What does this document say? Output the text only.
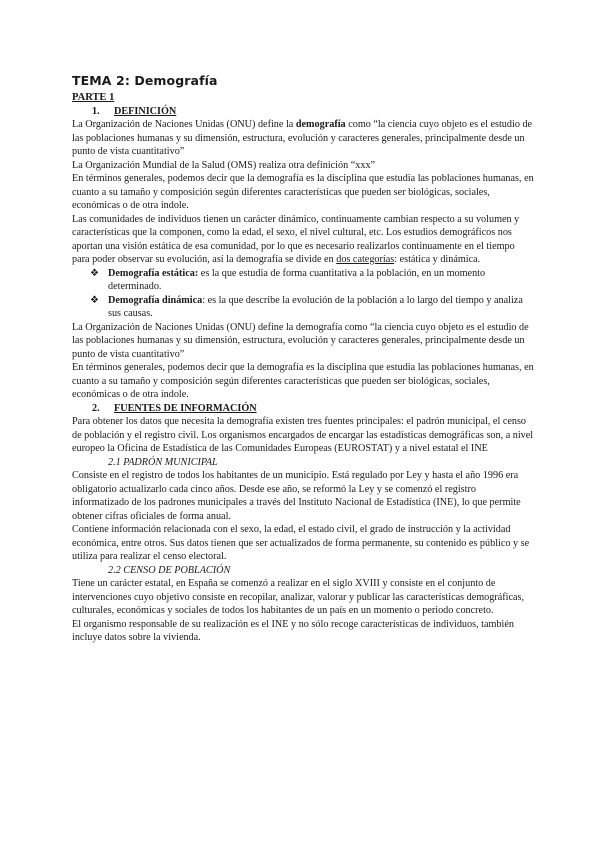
TEMA 2: Demografía
PARTE 1
1. DEFINICIÓN

La Organización de Naciones Unidas (ONU) define la demografía como “la ciencia cuyo objeto es el estudio de las poblaciones humanas y su dimensión, estructura, evolución y caracteres generales, principalmente desde un punto de vista cuantitativo”

La Organización Mundial de la Salud (OMS) realiza otra definición “xxx”

En términos generales, podemos decir que la demografía es la disciplina que estudia las poblaciones humanas, en cuanto a su tamaño y composición según diferentes características que pueden ser biológicas, sociales, económicas o de otra índole.

Las comunidades de individuos tienen un carácter dinámico, continuamente cambian respecto a su volumen y características que la componen, como la edad, el sexo, el nivel cultural, etc. Los estudios demográficos nos aportan una visión estática de esa comunidad, por lo que es necesario realizarlos continuamente en el tiempo para poder observar su evolución, así la demografía se divide en dos categorías: estática y dinámica.

❖ Demografía estática: es la que estudia de forma cuantitativa a la población, en un momento determinado.
❖ Demografía dinámica: es la que describe la evolución de la población a lo largo del tiempo y analiza sus causas.

La Organización de Naciones Unidas (ONU) define la demografía como “la ciencia cuyo objeto es el estudio de las poblaciones humanas y su dimensión, estructura, evolución y caracteres generales, principalmente desde un punto de vista cuantitativo”

En términos generales, podemos decir que la demografía es la disciplina que estudia las poblaciones humanas, en cuanto a su tamaño y composición según diferentes características que pueden ser biológicas, sociales, económicas o de otra índole.

2. FUENTES DE INFORMACIÓN

Para obtener los datos que necesita la demografía existen tres fuentes principales: el padrón municipal, el censo de población y el registro civil. Los organismos encargados de encargar las estadísticas demográficas son, a nivel europeo la Oficina de Estadística de las Comunidades Europeas (EUROSTAT) y a nivel estatal el INE

2.1 PADRÓN MUNICIPAL

Consiste en el registro de todos los habitantes de un municipio. Está regulado por Ley y hasta el año 1996 era obligatorio actualizarlo cada cinco años. Desde ese año, se reformó la Ley y se comenzó el registro informatizado de los padrones municipales a través del Instituto Nacional de Estadística (INE), lo que permite obtener cifras oficiales de forma anual.

Contiene información relacionada con el sexo, la edad, el estado civil, el grado de instrucción y la actividad económica, entre otros. Sus datos tienen que ser actualizados de forma permanente, su contenido es público y se utiliza para realizar el censo electoral.

2.2 CENSO DE POBLACIÓN

Tiene un carácter estatal, en España se comenzó a realizar en el siglo XVIII y consiste en el conjunto de intervenciones cuyo objetivo consiste en recopilar, analizar, valorar y publicar las características demográficas, culturales, económicas y sociales de todos los habitantes de un país en un momento o periodo concreto.

El organismo responsable de su realización es el INE y no sólo recoge características de individuos, también incluye datos sobre la vivienda.
